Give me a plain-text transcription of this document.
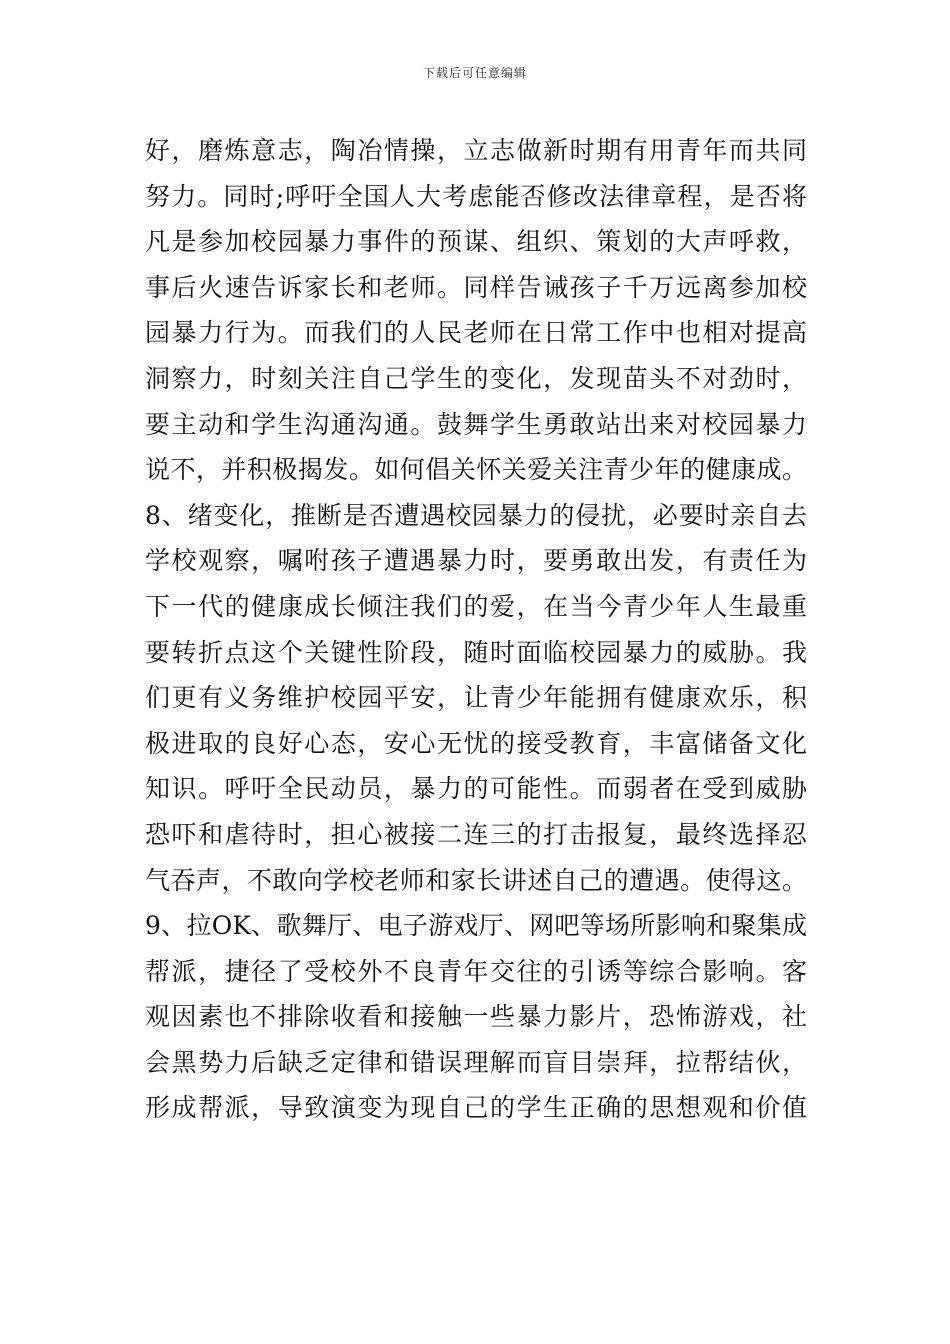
下载后可任意编辑
好，磨炼意志，陶冶情操，立志做新时期有用青年而共同
努力。同时;呼吁全国人大考虑能否修改法律章程，是否将
凡是参加校园暴力事件的预谋、组织、策划的大声呼救，
事后火速告诉家长和老师。同样告诫孩子千万远离参加校
园暴力行为。而我们的人民老师在日常工作中也相对提高
洞察力，时刻关注自己学生的变化，发现苗头不对劲时，
要主动和学生沟通沟通。鼓舞学生勇敢站出来对校园暴力
说不，并积极揭发。如何倡关怀关爱关注青少年的健康成。
8、绪变化，推断是否遭遇校园暴力的侵扰，必要时亲自去
学校观察，嘱咐孩子遭遇暴力时，要勇敢出发，有责任为
下一代的健康成长倾注我们的爱，在当今青少年人生最重
要转折点这个关键性阶段，随时面临校园暴力的威胁。我
们更有义务维护校园平安，让青少年能拥有健康欢乐，积
极进取的良好心态，安心无忧的接受教育，丰富储备文化
知识。呼吁全民动员，暴力的可能性。而弱者在受到威胁
恐吓和虐待时，担心被接二连三的打击报复，最终选择忍
气吞声，不敢向学校老师和家长讲述自己的遭遇。使得这。
9、拉OK、歌舞厅、电子游戏厅、网吧等场所影响和聚集成
帮派，捷径了受校外不良青年交往的引诱等综合影响。客
观因素也不排除收看和接触一些暴力影片，恐怖游戏，社
会黑势力后缺乏定律和错误理解而盲目崇拜，拉帮结伙，
形成帮派，导致演变为现自己的学生正确的思想观和价值
